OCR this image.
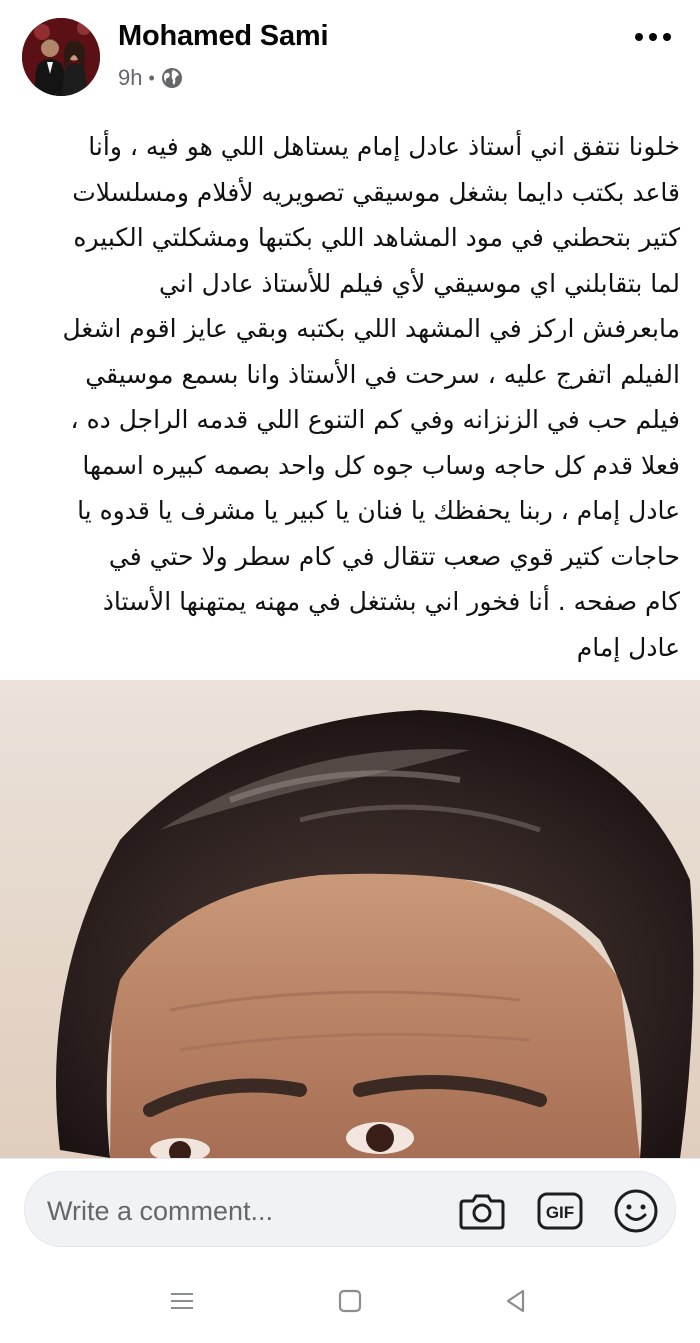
Mohamed Sami
9h •
خلونا نتفق اني أستاذ عادل إمام يستاهل اللي هو فيه ، وأنا
قاعد بكتب دايما بشغل موسيقي تصويريه لأفلام ومسلسلات
كتير بتحطني في مود المشاهد اللي بكتبها ومشكلتي الكبيره
لما بتقابلني اي موسيقي لأي فيلم للأستاذ عادل اني
مابعرفش اركز في المشهد اللي بكتبه وبقي عايز اقوم اشغل
الفيلم اتفرج عليه ، سرحت في الأستاذ وانا بسمع موسيقي
فيلم حب في الزنزانه وفي كم التنوع اللي قدمه الراجل ده ،
فعلا قدم كل حاجه وساب جوه كل واحد بصمه كبيره اسمها
عادل إمام ، ربنا يحفظك يا فنان يا كبير يا مشرف يا قدوه يا
حاجات كتير قوي صعب تتقال في كام سطر ولا حتي في
كام صفحه . أنا فخور اني بشتغل في مهنه يمتهنها الأستاذ
عادل إمام
Write a comment...	GIF
